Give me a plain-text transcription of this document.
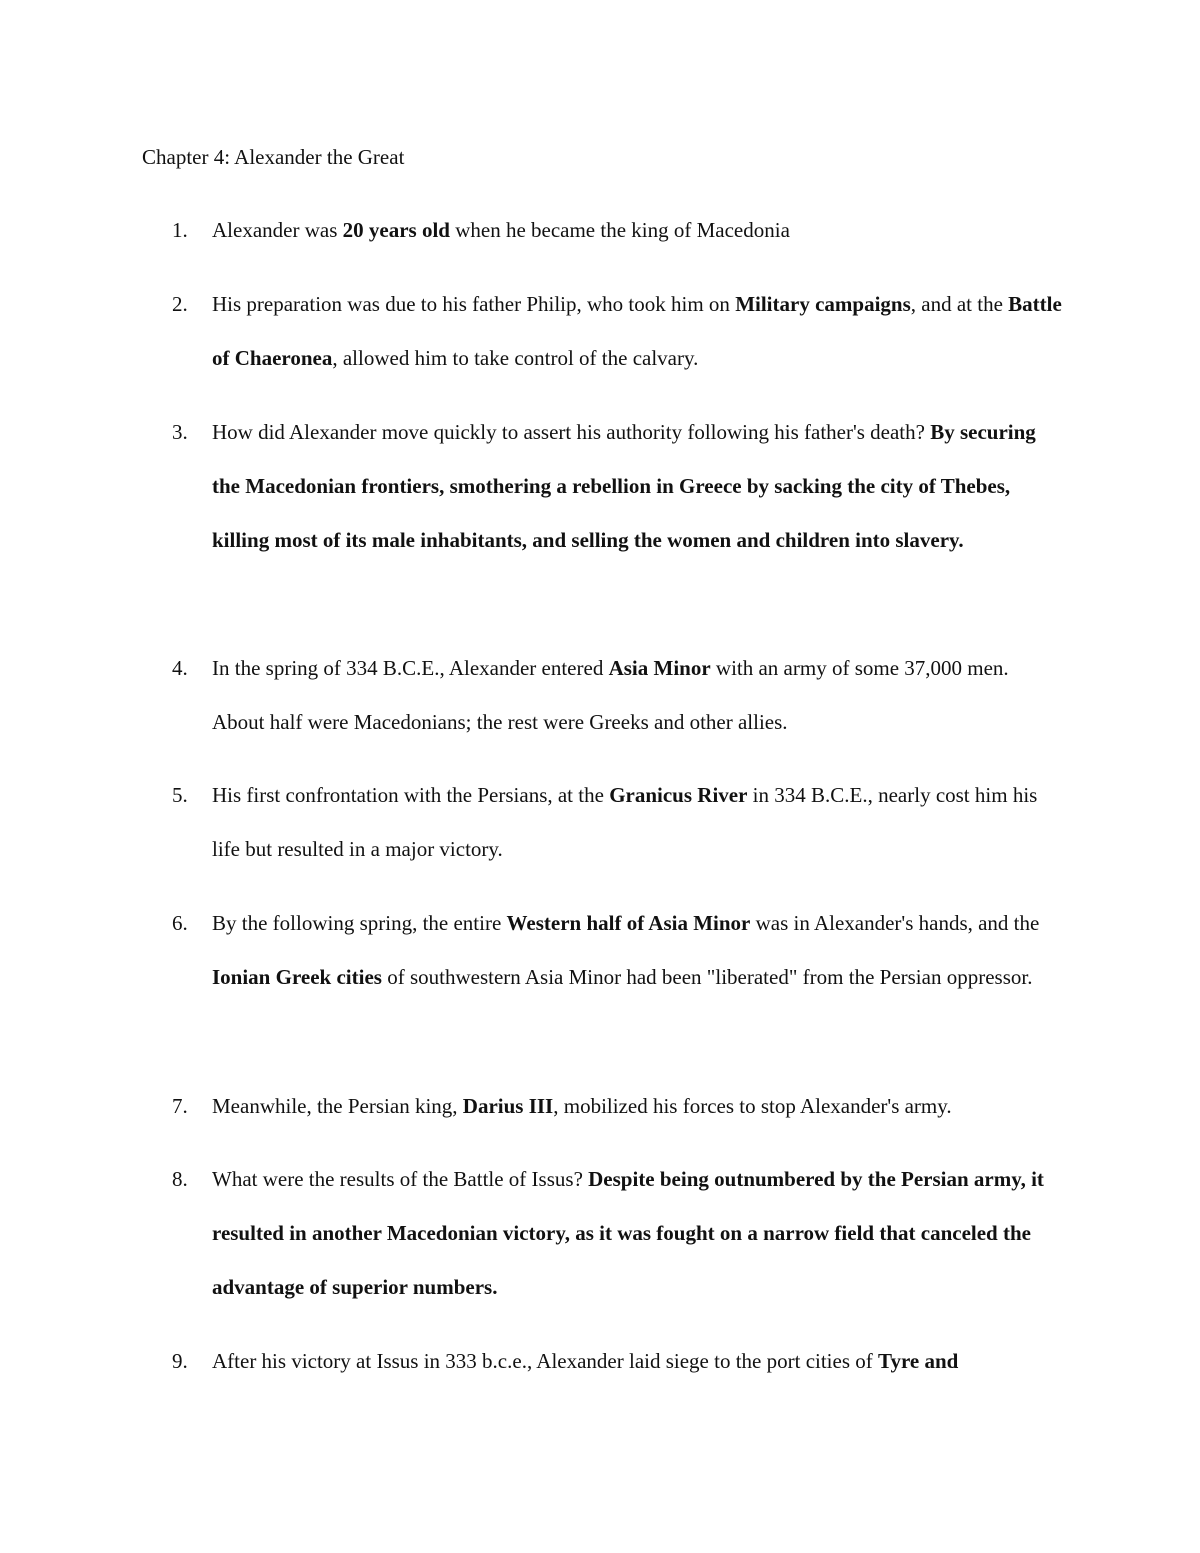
Chapter 4: Alexander the Great
1.	Alexander was 20 years old when he became the king of Macedonia
2.	His preparation was due to his father Philip, who took him on Military campaigns, and at the Battle of Chaeronea, allowed him to take control of the calvary.
3.	How did Alexander move quickly to assert his authority following his father's death? By securing the Macedonian frontiers, smothering a rebellion in Greece by sacking the city of Thebes, killing most of its male inhabitants, and selling the women and children into slavery.
4.	In the spring of 334 B.C.E., Alexander entered Asia Minor with an army of some 37,000 men. About half were Macedonians; the rest were Greeks and other allies.
5.	His first confrontation with the Persians, at the Granicus River in 334 B.C.E., nearly cost him his life but resulted in a major victory.
6.	By the following spring, the entire Western half of Asia Minor was in Alexander's hands, and the Ionian Greek cities of southwestern Asia Minor had been "liberated" from the Persian oppressor.
7.	Meanwhile, the Persian king, Darius III, mobilized his forces to stop Alexander's army.
8.	What were the results of the Battle of Issus? Despite being outnumbered by the Persian army, it resulted in another Macedonian victory, as it was fought on a narrow field that canceled the advantage of superior numbers.
9.	After his victory at Issus in 333 b.c.e., Alexander laid siege to the port cities of Tyre and
